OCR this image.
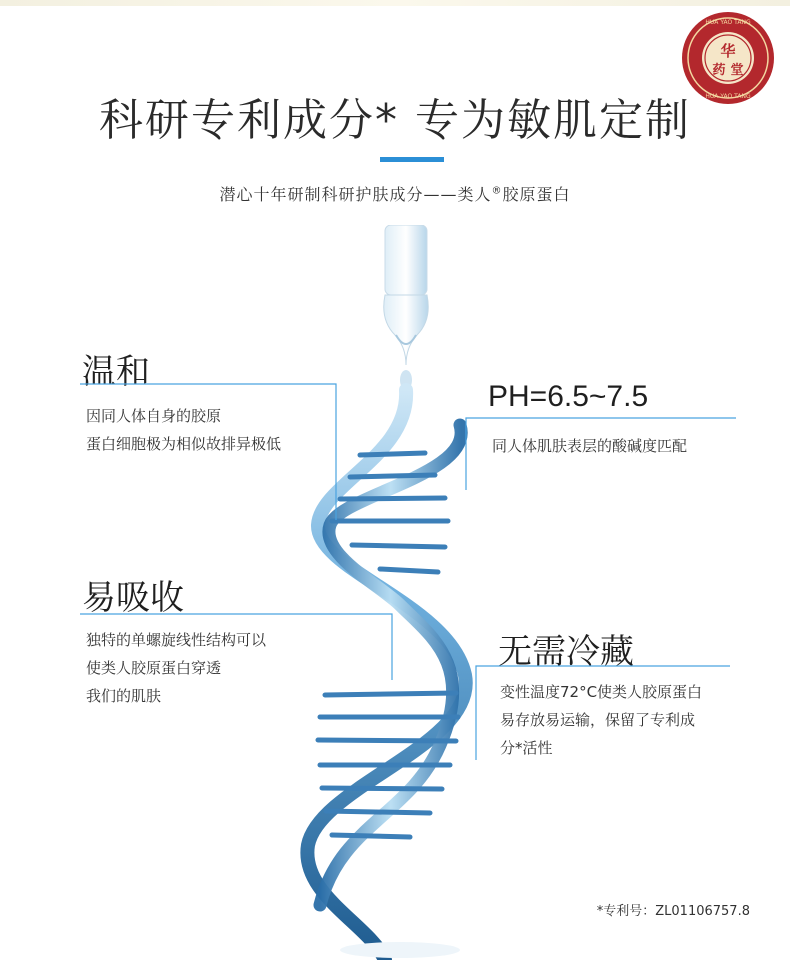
华
药 堂
HUA YAO TANG
HUA YAO TANG
科研专利成分* 专为敏肌定制
潜心十年研制科研护肤成分——类人®胶原蛋白
温和
因同人体自身的胶原
蛋白细胞极为相似故排异极低
PH=6.5~7.5
同人体肌肤表层的酸碱度匹配
易吸收
独特的单螺旋线性结构可以
使类人胶原蛋白穿透
我们的肌肤
无需冷藏
变性温度72°C使类人胶原蛋白
易存放易运输，保留了专利成
分*活性
*专利号：ZL01106757.8
